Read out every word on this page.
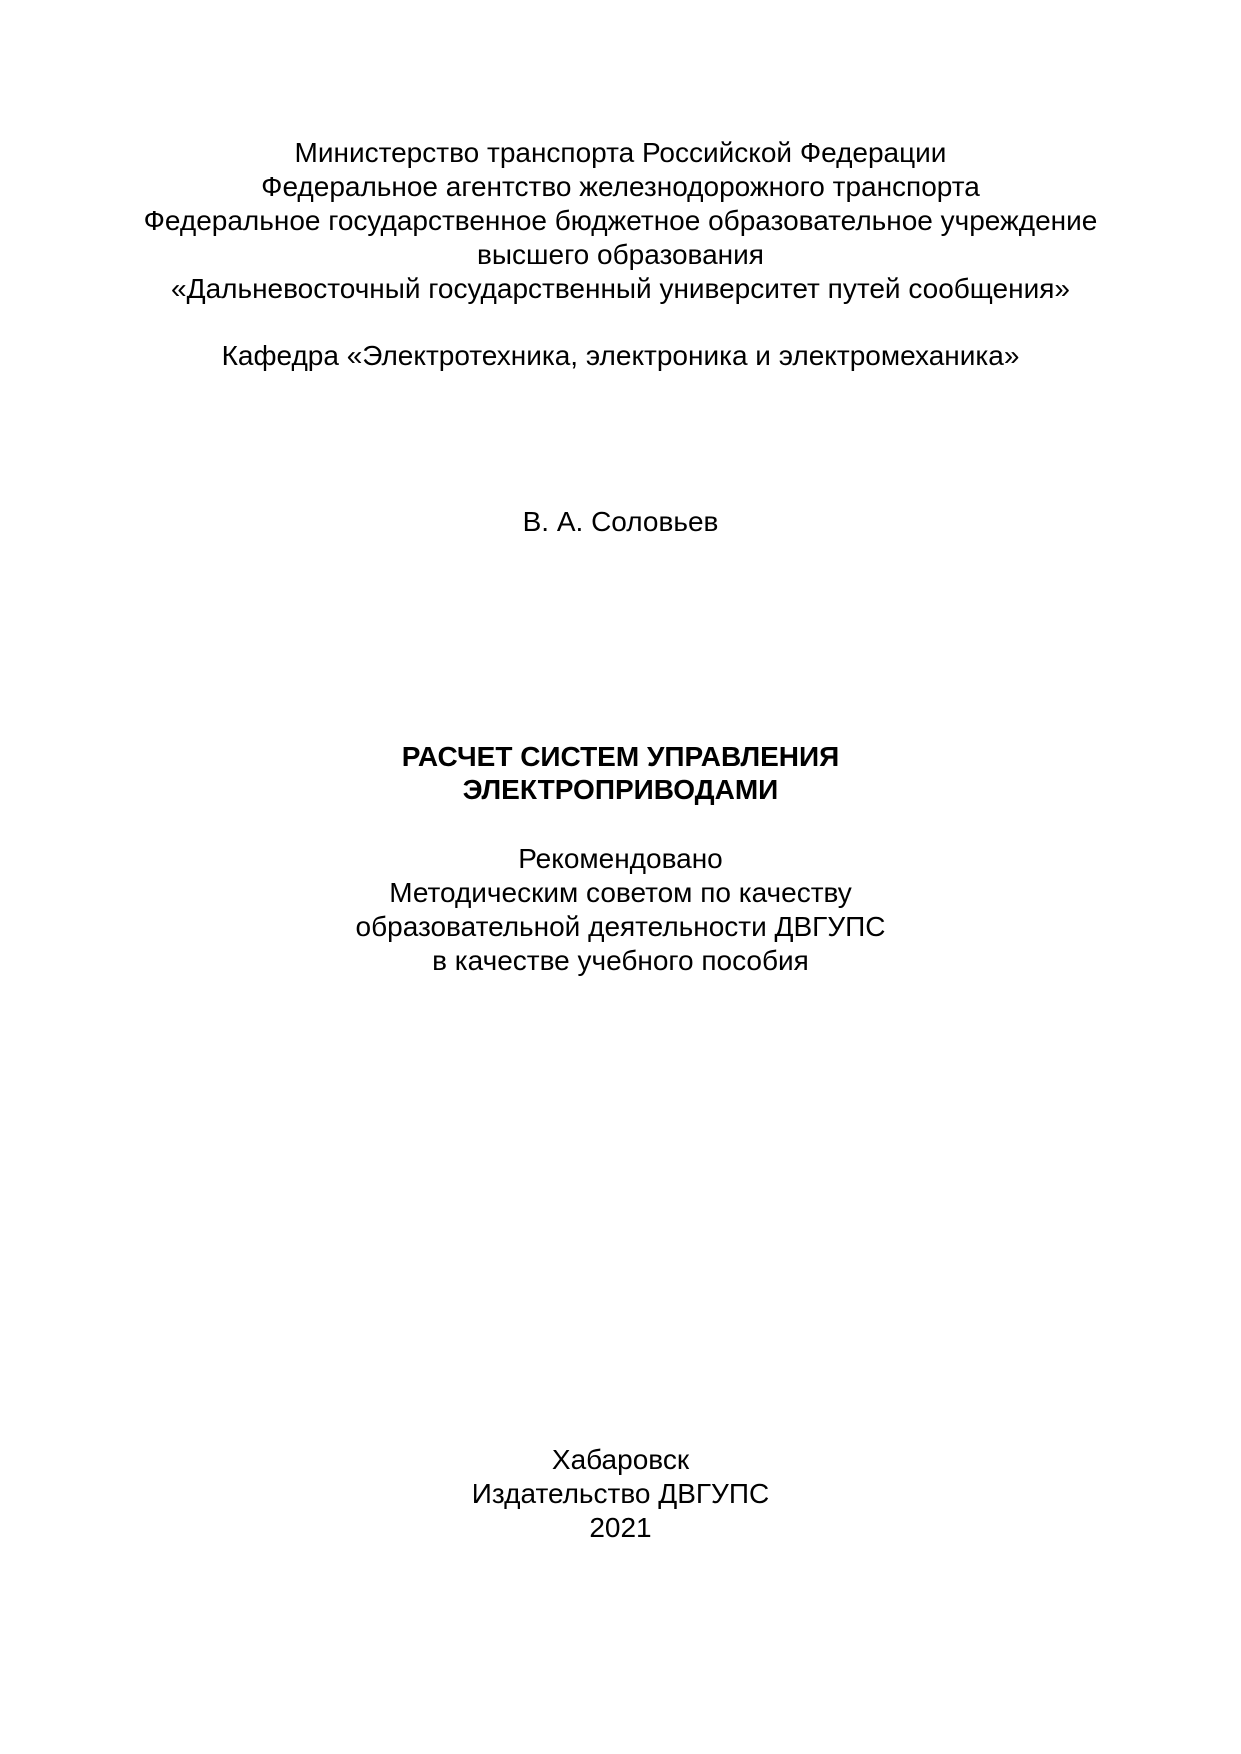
Министерство транспорта Российской Федерации
Федеральное агентство железнодорожного транспорта
Федеральное государственное бюджетное образовательное учреждение
высшего образования
«Дальневосточный государственный университет путей сообщения»
Кафедра «Электротехника, электроника и электромеханика»
В. А. Соловьев
РАСЧЕТ СИСТЕМ УПРАВЛЕНИЯ
ЭЛЕКТРОПРИВОДАМИ
Рекомендовано
Методическим советом по качеству
образовательной деятельности ДВГУПС
в качестве учебного пособия
Хабаровск
Издательство ДВГУПС
2021
